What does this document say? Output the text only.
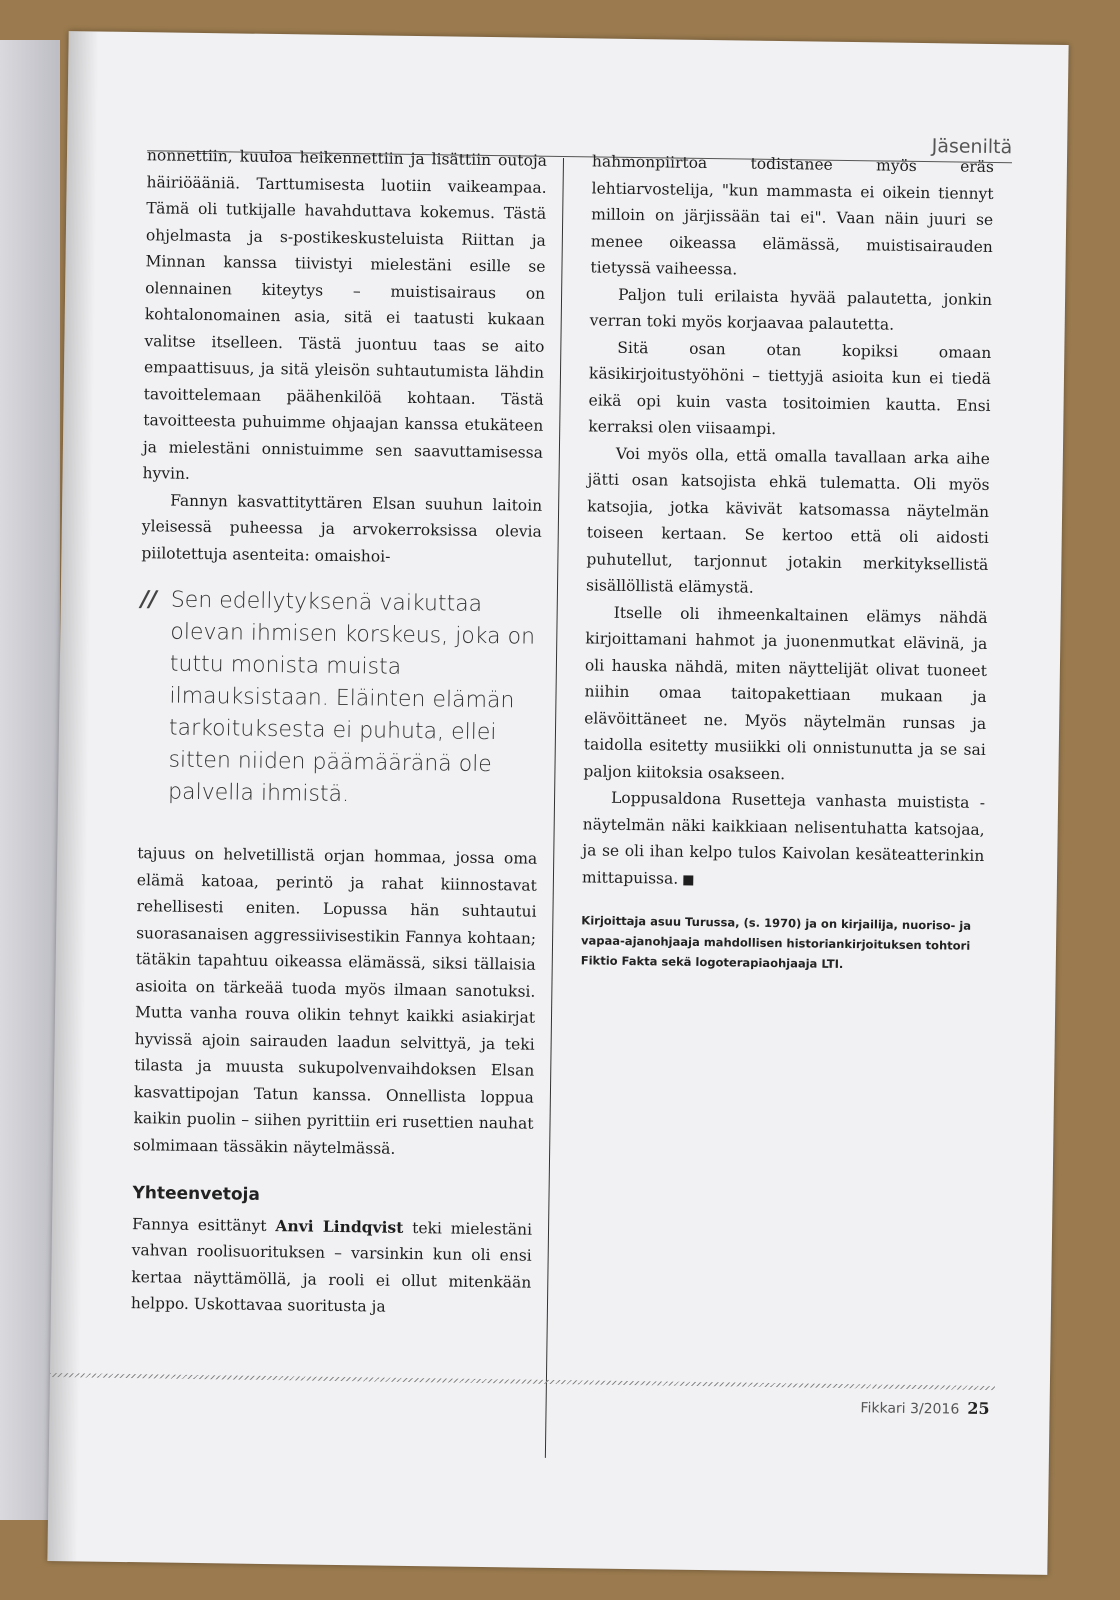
Jäseniltä

nonnettiin, kuuloa heikennettiin ja lisättiin outoja häiriöääniä. Tarttumisesta luotiin vaikeampaa. Tämä oli tutkijalle havahduttava kokemus. Tästä ohjelmasta ja s-postikeskusteluista Riittan ja Minnan kanssa tiivistyi mielestäni esille se olennainen kiteytys – muistisairaus on kohtalonomainen asia, sitä ei taatusti kukaan valitse itselleen. Tästä juontuu taas se aito empaattisuus, ja sitä yleisön suhtautumista lähdin tavoittelemaan päähenkilöä kohtaan. Tästä tavoitteesta puhuimme ohjaajan kanssa etukäteen ja mielestäni onnistuimme sen saavuttamisessa hyvin.

Fannyn kasvattityttären Elsan suuhun laitoin yleisessä puheessa ja arvokerroksissa olevia piilotettuja asenteita: omaishoi-

// Sen edellytyksenä vaikuttaa olevan ihmisen korskeus, joka on tuttu monista muista ilmauksistaan. Eläinten elämän tarkoituksesta ei puhuta, ellei sitten niiden päämääränä ole palvella ihmistä.

tajuus on helvetillistä orjan hommaa, jossa oma elämä katoaa, perintö ja rahat kiinnostavat rehellisesti eniten. Lopussa hän suhtautui suorasanaisen aggressiivisestikin Fannya kohtaan; tätäkin tapahtuu oikeassa elämässä, siksi tällaisia asioita on tärkeää tuoda myös ilmaan sanotuksi. Mutta vanha rouva olikin tehnyt kaikki asiakirjat hyvissä ajoin sairauden laadun selvittyä, ja teki tilasta ja muusta sukupolvenvaihdoksen Elsan kasvattipojan Tatun kanssa. Onnellista loppua kaikin puolin – siihen pyrittiin eri rusettien nauhat solmimaan tässäkin näytelmässä.

Yhteenvetoja

Fannya esittänyt Anvi Lindqvist teki mielestäni vahvan roolisuorituksen – varsinkin kun oli ensi kertaa näyttämöllä, ja rooli ei ollut mitenkään helppo. Uskottavaa suoritusta ja

hahmonpiirtoa todistanee myös eräs lehtiarvostelija, "kun mammasta ei oikein tiennyt milloin on järjissään tai ei". Vaan näin juuri se menee oikeassa elämässä, muistisairauden tietyssä vaiheessa.

Paljon tuli erilaista hyvää palautetta, jonkin verran toki myös korjaavaa palautetta.

Sitä osan otan kopiksi omaan käsikirjoitustyöhöni – tiettyjä asioita kun ei tiedä eikä opi kuin vasta tositoimien kautta. Ensi kerraksi olen viisaampi.

Voi myös olla, että omalla tavallaan arka aihe jätti osan katsojista ehkä tulematta. Oli myös katsojia, jotka kävivät katsomassa näytelmän toiseen kertaan. Se kertoo että oli aidosti puhutellut, tarjonnut jotakin merkityksellistä sisällöllistä elämystä.

Itselle oli ihmeenkaltainen elämys nähdä kirjoittamani hahmot ja juonenmutkat elävinä, ja oli hauska nähdä, miten näyttelijät olivat tuoneet niihin omaa taitopakettiaan mukaan ja elävöittäneet ne. Myös näytelmän runsas ja taidolla esitetty musiikki oli onnistunutta ja se sai paljon kiitoksia osakseen.

Loppusaldona Rusetteja vanhasta muistista -näytelmän näki kaikkiaan nelisentuhatta katsojaa, ja se oli ihan kelpo tulos Kaivolan kesäteatterinkin mittapuissa. ■

Kirjoittaja asuu Turussa, (s. 1970) ja on kirjailija, nuoriso- ja vapaa-ajanohjaaja mahdollisen historiankirjoituksen tohtori Fiktio Fakta sekä logoterapiaohjaaja LTI.
Fikkari 3/2016 25
